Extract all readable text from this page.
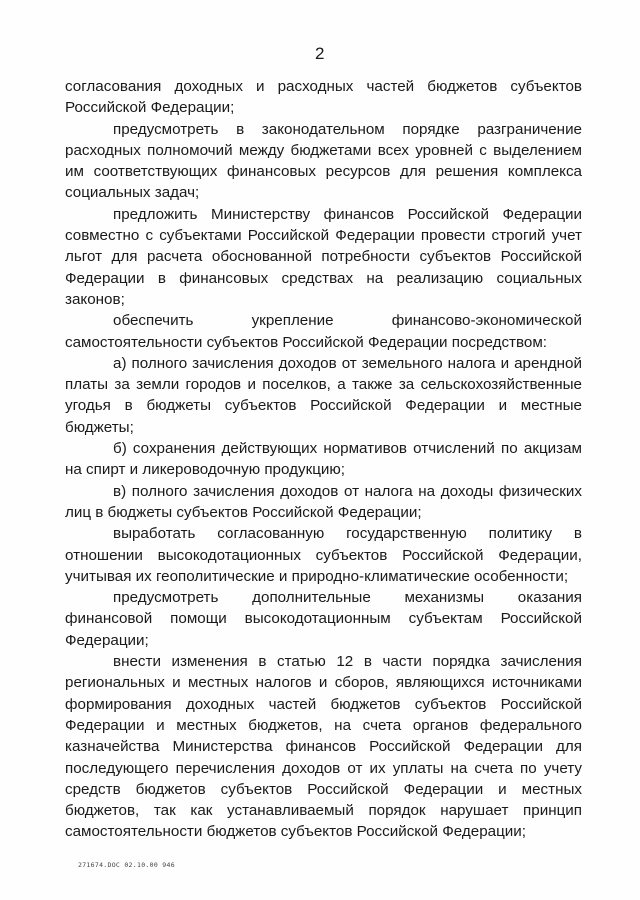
2

согласования доходных и расходных частей бюджетов субъектов Российской Федерации;

предусмотреть в законодательном порядке разграничение расходных полномочий между бюджетами всех уровней с выделением им соответствующих финансовых ресурсов для решения комплекса социальных задач;

предложить Министерству финансов Российской Федерации совместно с субъектами Российской Федерации провести строгий учет льгот для расчета обоснованной потребности субъектов Российской Федерации в финансовых средствах на реализацию социальных законов;

обеспечить укрепление финансово-экономической самостоятельности субъектов Российской Федерации посредством:

а) полного зачисления доходов от земельного налога и арендной платы за земли городов и поселков, а также за сельскохозяйственные угодья в бюджеты субъектов Российской Федерации и местные бюджеты;

б) сохранения действующих нормативов отчислений по акцизам на спирт и ликероводочную продукцию;

в) полного зачисления доходов от налога на доходы физических лиц в бюджеты субъектов Российской Федерации;

выработать согласованную государственную политику в отношении высокодотационных субъектов Российской Федерации, учитывая их геополитические и природно-климатические особенности;

предусмотреть дополнительные механизмы оказания финансовой помощи высокодотационным субъектам Российской Федерации;

внести изменения в статью 12 в части порядка зачисления региональных и местных налогов и сборов, являющихся источниками формирования доходных частей бюджетов субъектов Российской Федерации и местных бюджетов, на счета органов федерального казначейства Министерства финансов Российской Федерации для последующего перечисления доходов от их уплаты на счета по учету средств бюджетов субъектов Российской Федерации и местных бюджетов, так как устанавливаемый порядок нарушает принцип самостоятельности бюджетов субъектов Российской Федерации;

271674.DOC 02.10.00 946
